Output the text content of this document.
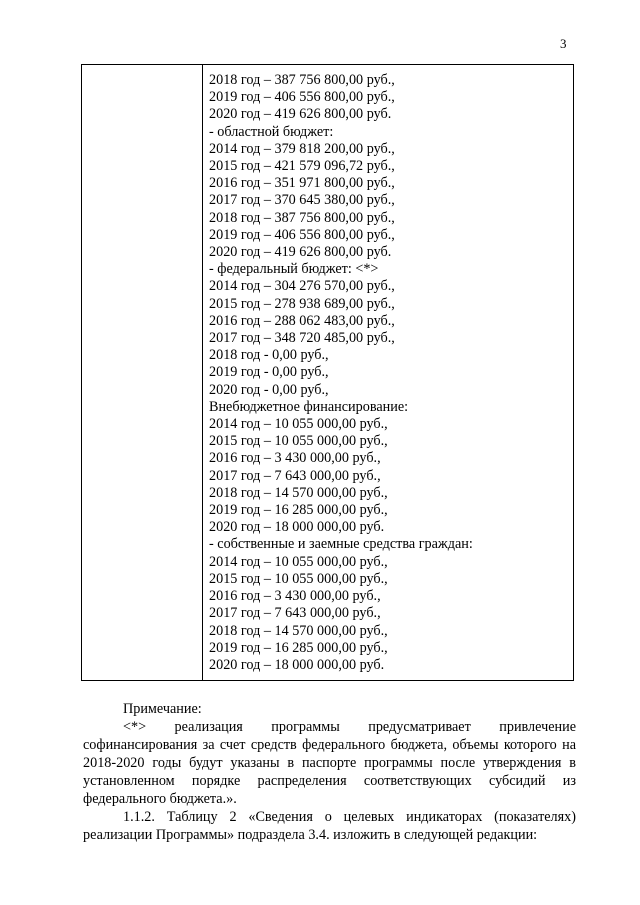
3
2018 год – 387 756 800,00 руб.,
2019 год – 406 556 800,00 руб.,
2020 год – 419 626 800,00 руб.
- областной бюджет:
2014 год – 379 818 200,00 руб.,
2015 год – 421 579 096,72 руб.,
2016 год – 351 971 800,00 руб.,
2017 год – 370 645 380,00 руб.,
2018 год – 387 756 800,00 руб.,
2019 год – 406 556 800,00 руб.,
2020 год – 419 626 800,00 руб.
- федеральный бюджет: <*>
2014 год – 304 276 570,00 руб.,
2015 год – 278 938 689,00 руб.,
2016 год – 288 062 483,00 руб.,
2017 год – 348 720 485,00 руб.,
2018 год - 0,00 руб.,
2019 год - 0,00 руб.,
2020 год - 0,00 руб.,
Внебюджетное финансирование:
2014 год – 10 055 000,00 руб.,
2015 год – 10 055 000,00 руб.,
2016 год – 3 430 000,00 руб.,
2017 год – 7 643 000,00 руб.,
2018 год – 14 570 000,00 руб.,
2019 год – 16 285 000,00 руб.,
2020 год – 18 000 000,00 руб.
- собственные и заемные средства граждан:
2014 год – 10 055 000,00 руб.,
2015 год – 10 055 000,00 руб.,
2016 год – 3 430 000,00 руб.,
2017 год – 7 643 000,00 руб.,
2018 год – 14 570 000,00 руб.,
2019 год – 16 285 000,00 руб.,
2020 год – 18 000 000,00 руб.

Примечание:

<*> реализация программы предусматривает привлечение софинансирования за счет средств федерального бюджета, объемы которого на 2018-2020 годы будут указаны в паспорте программы после утверждения в установленном порядке распределения соответствующих субсидий из федерального бюджета.».

1.1.2. Таблицу 2 «Сведения о целевых индикаторах (показателях) реализации Программы» подраздела 3.4. изложить в следующей редакции:
